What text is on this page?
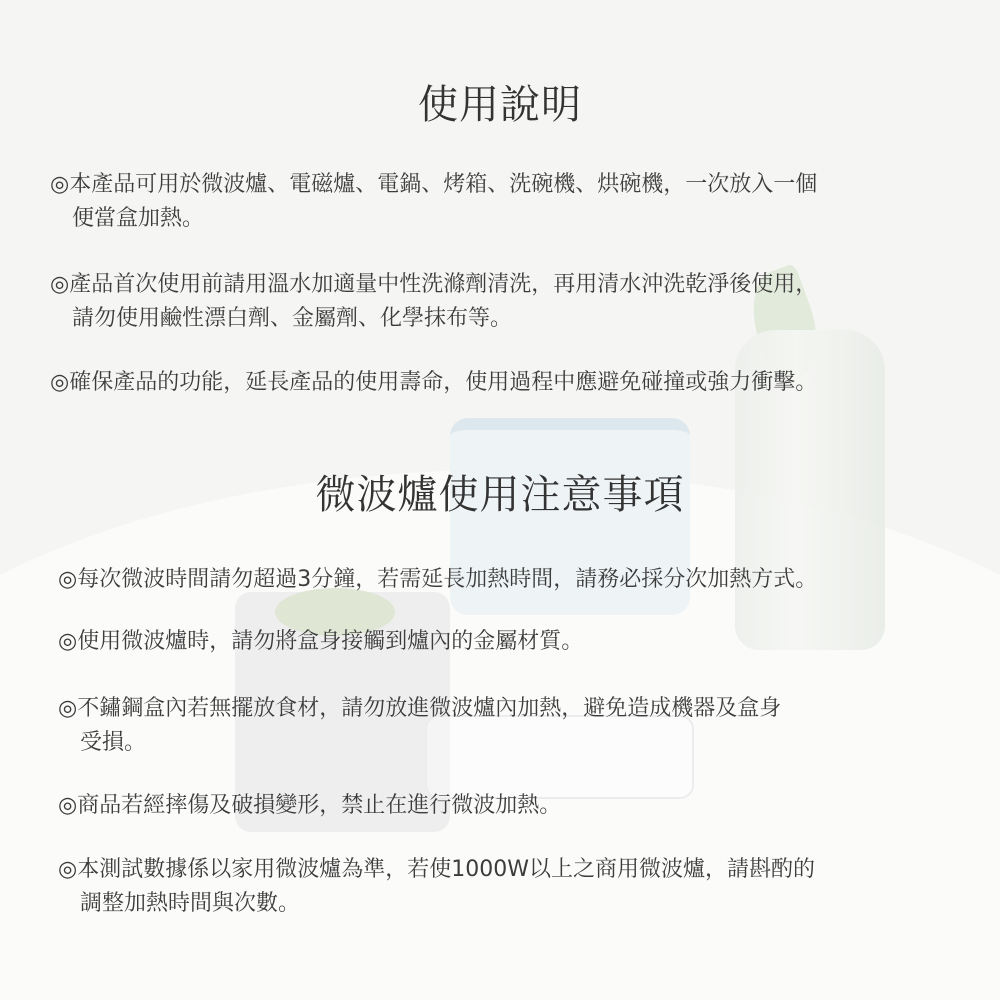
使用說明
◎本產品可用於微波爐、電磁爐、電鍋、烤箱、洗碗機、烘碗機，一次放入一個
便當盒加熱。
◎產品首次使用前請用溫水加適量中性洗滌劑清洗，再用清水沖洗乾淨後使用，
請勿使用鹼性漂白劑、金屬劑、化學抹布等。
◎確保產品的功能，延長產品的使用壽命，使用過程中應避免碰撞或強力衝擊。
微波爐使用注意事項
◎每次微波時間請勿超過3分鐘，若需延長加熱時間，請務必採分次加熱方式。
◎使用微波爐時，請勿將盒身接觸到爐內的金屬材質。
◎不鏽鋼盒內若無擺放食材，請勿放進微波爐內加熱，避免造成機器及盒身
受損。
◎商品若經摔傷及破損變形，禁止在進行微波加熱。
◎本測試數據係以家用微波爐為準，若使1000W以上之商用微波爐，請斟酌的
調整加熱時間與次數。
